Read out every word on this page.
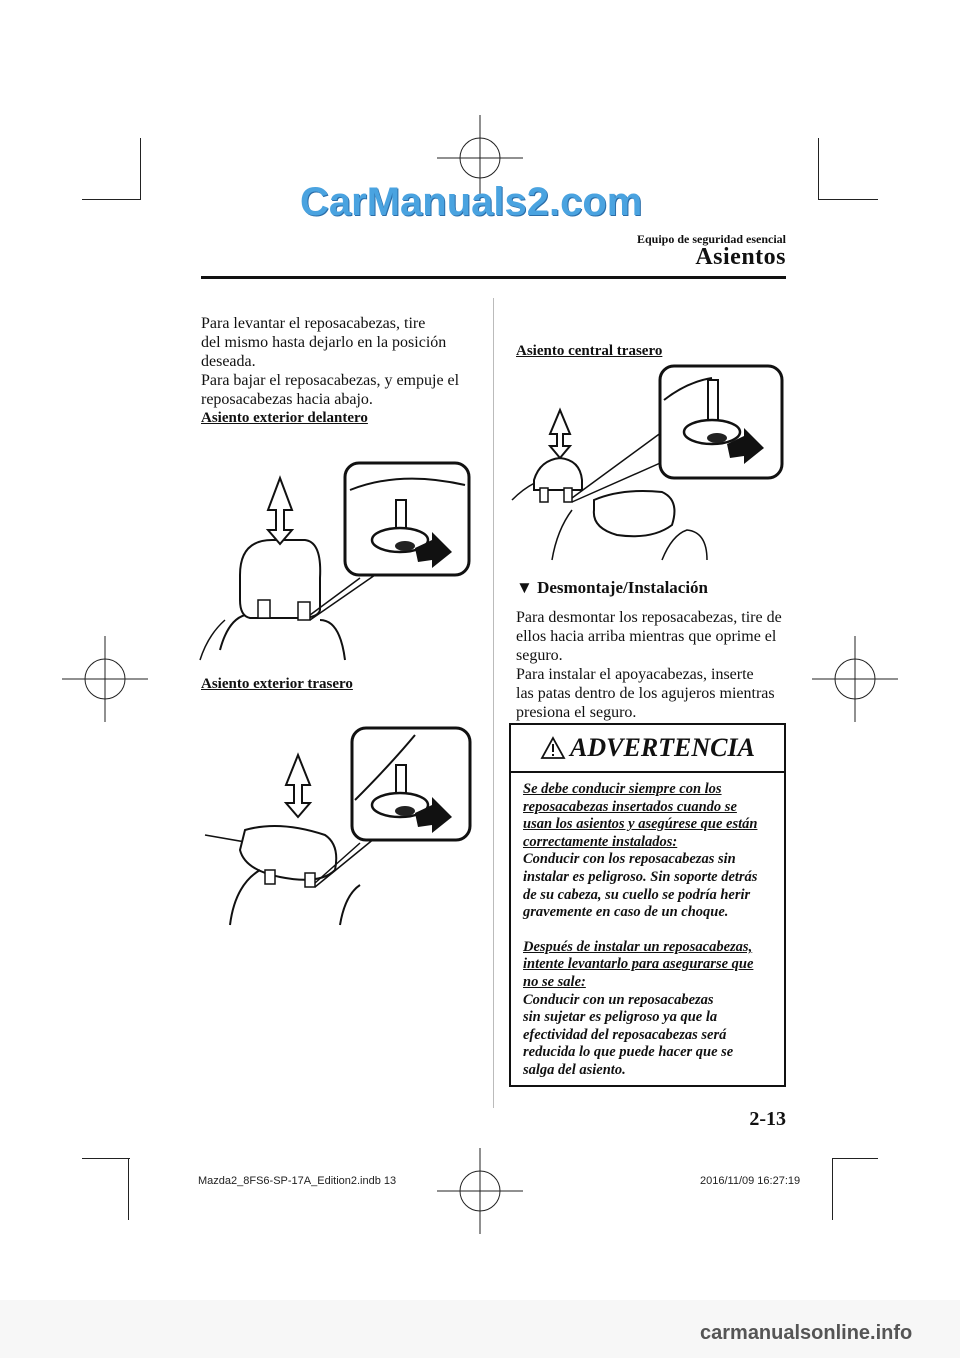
CarManuals2.com
Equipo de seguridad esencial
Asientos
Para levantar el reposacabezas, tire
del mismo hasta dejarlo en la posición
deseada.
Para bajar el reposacabezas, y empuje el
reposacabezas hacia abajo.
Asiento exterior delantero
Asiento exterior trasero
Asiento central trasero
▼ Desmontaje/Instalación
Para desmontar los reposacabezas, tire de
ellos hacia arriba mientras que oprime el
seguro.
Para instalar el apoyacabezas, inserte
las patas dentro de los agujeros mientras
presiona el seguro.
ADVERTENCIA
Se debe conducir siempre con los
reposacabezas insertados cuando se
usan los asientos y asegúrese que están
correctamente instalados:
Conducir con los reposacabezas sin
instalar es peligroso. Sin soporte detrás
de su cabeza, su cuello se podría herir
gravemente en caso de un choque.
Después de instalar un reposacabezas,
intente levantarlo para asegurarse que
no se sale:
Conducir con un reposacabezas
sin sujetar es peligroso ya que la
efectividad del reposacabezas será
reducida lo que puede hacer que se
salga del asiento.
2-13
Mazda2_8FS6-SP-17A_Edition2.indb 13	2016/11/09 16:27:19
carmanualsonline.info
